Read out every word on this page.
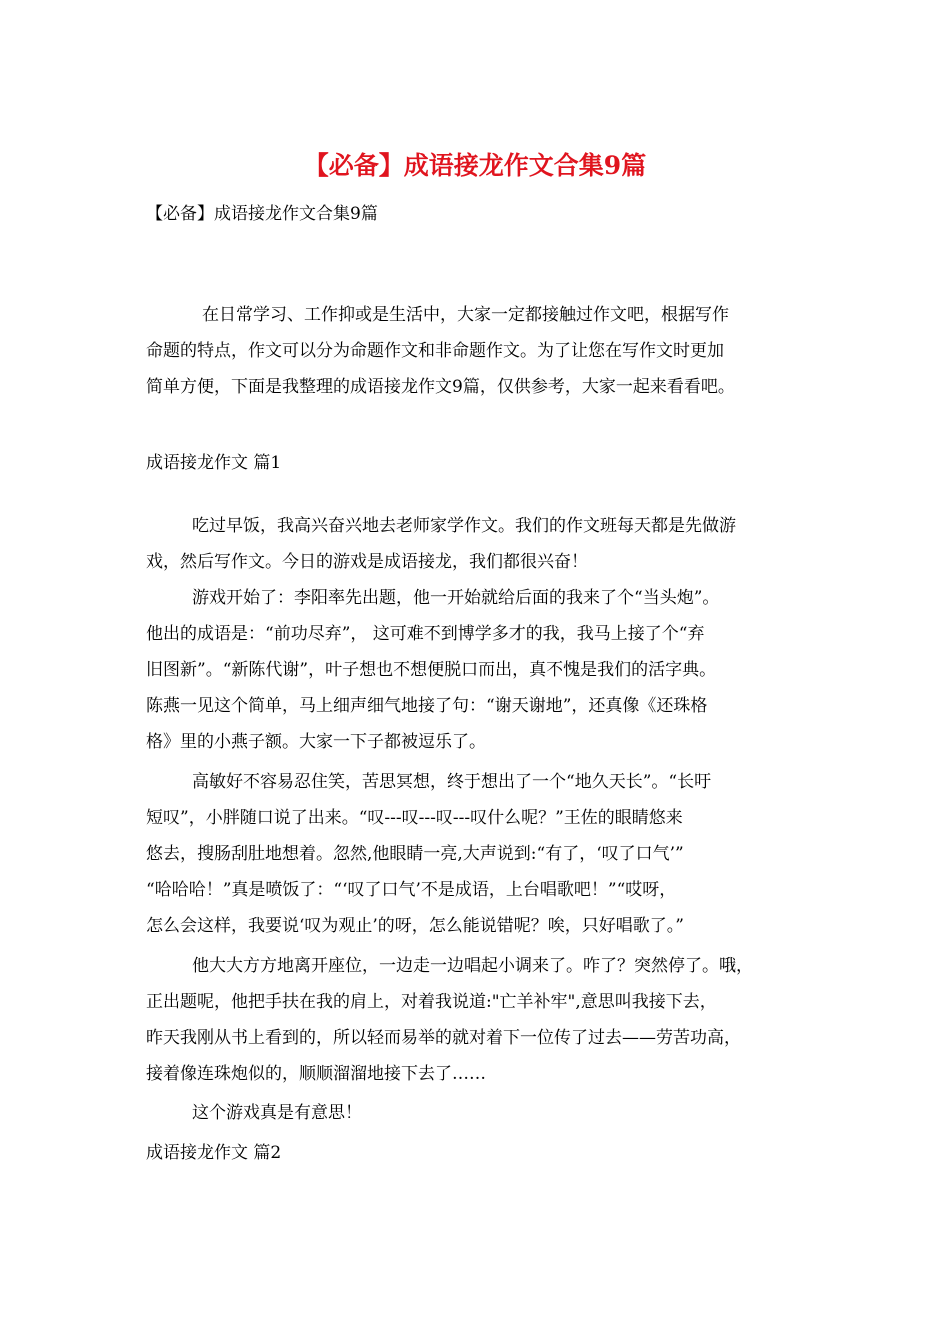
【必备】成语接龙作文合集9篇
【必备】成语接龙作文合集9篇
在日常学习、工作抑或是生活中，大家一定都接触过作文吧，根据写作
命题的特点，作文可以分为命题作文和非命题作文。为了让您在写作文时更加
简单方便，下面是我整理的成语接龙作文9篇，仅供参考，大家一起来看看吧。
成语接龙作文 篇1
吃过早饭，我高兴奋兴地去老师家学作文。我们的作文班每天都是先做游
戏，然后写作文。今日的游戏是成语接龙，我们都很兴奋！
游戏开始了：李阳率先出题，他一开始就给后面的我来了个“当头炮”。
他出的成语是：“前功尽弃”， 这可难不到博学多才的我，我马上接了个“弃
旧图新”。“新陈代谢”，叶子想也不想便脱口而出，真不愧是我们的活字典。
陈燕一见这个简单，马上细声细气地接了句：“谢天谢地”，还真像《还珠格
格》里的小燕子额。大家一下子都被逗乐了。
高敏好不容易忍住笑，苦思冥想，终于想出了一个“地久天长”。“长吁
短叹”，小胖随口说了出来。“叹---叹---叹---叹什么呢？”王佐的眼睛悠来
悠去，搜肠刮肚地想着。忽然,他眼睛一亮,大声说到:“有了，‘叹了口气’”
“哈哈哈！”真是喷饭了：“‘叹了口气’不是成语，上台唱歌吧！”“哎呀，
怎么会这样，我要说‘叹为观止’的呀，怎么能说错呢？唉，只好唱歌了。”
他大大方方地离开座位，一边走一边唱起小调来了。咋了？突然停了。哦，
正出题呢，他把手扶在我的肩上，对着我说道:"亡羊补牢",意思叫我接下去，
昨天我刚从书上看到的，所以轻而易举的就对着下一位传了过去——劳苦功高，
接着像连珠炮似的，顺顺溜溜地接下去了……
这个游戏真是有意思！
成语接龙作文 篇2
